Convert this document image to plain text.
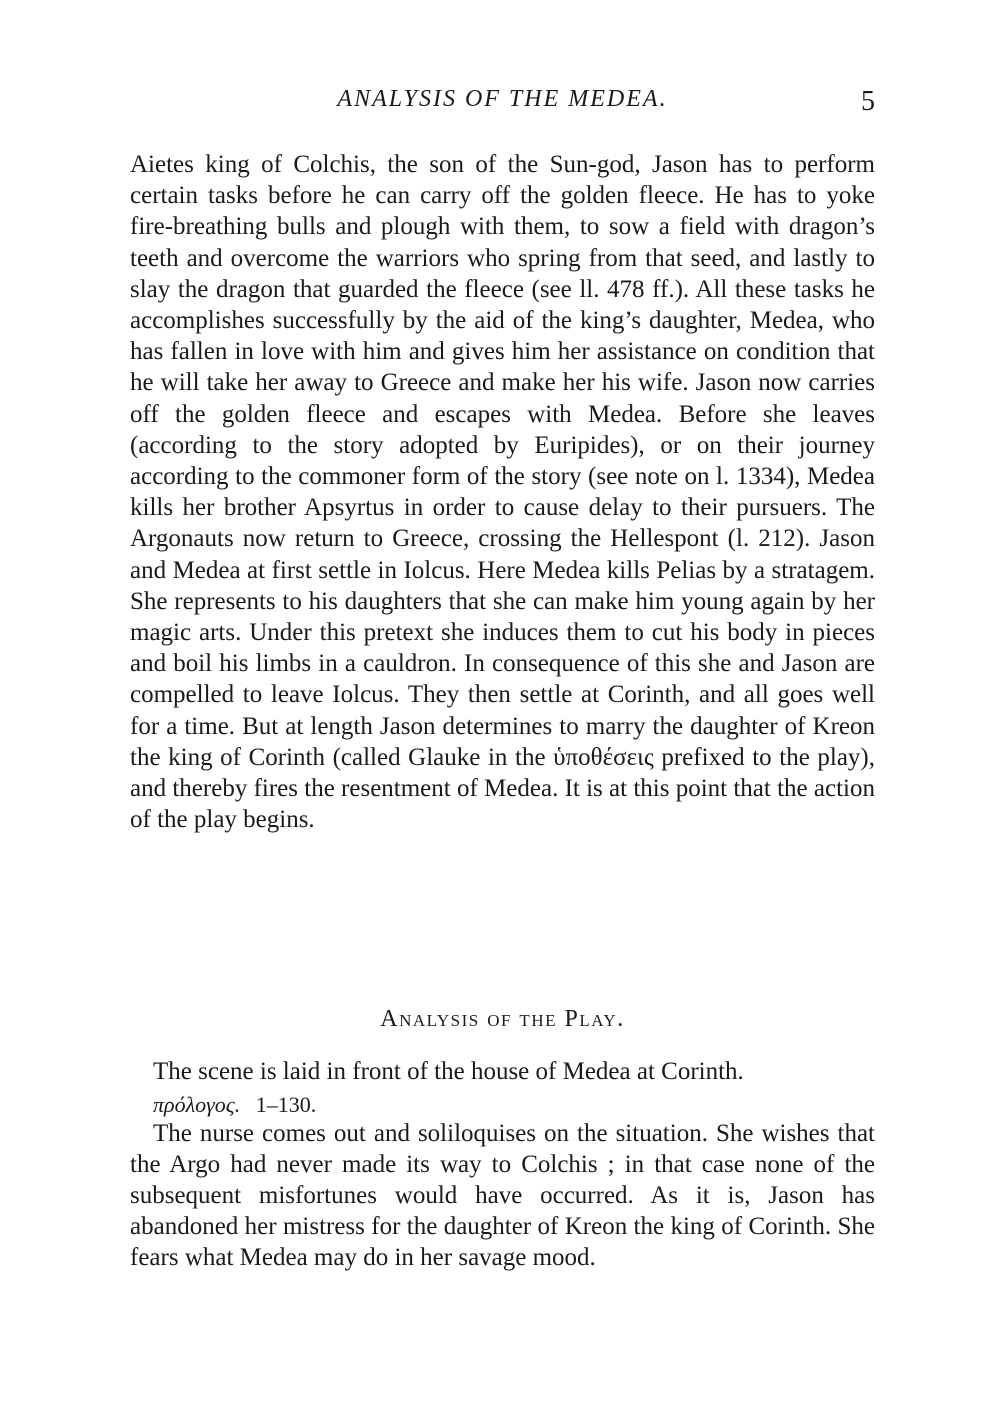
ANALYSIS OF THE MEDEA.	5

Aietes king of Colchis, the son of the Sun-god, Jason has to perform certain tasks before he can carry off the golden fleece. He has to yoke fire-breathing bulls and plough with them, to sow a field with dragon’s teeth and overcome the warriors who spring from that seed, and lastly to slay the dragon that guarded the fleece (see ll. 478 ff.). All these tasks he accomplishes successfully by the aid of the king’s daughter, Medea, who has fallen in love with him and gives him her assistance on condition that he will take her away to Greece and make her his wife. Jason now carries off the golden fleece and escapes with Medea. Before she leaves (according to the story adopted by Euripides), or on their journey according to the commoner form of the story (see note on l. 1334), Medea kills her brother Apsyrtus in order to cause delay to their pursuers. The Argonauts now return to Greece, crossing the Hellespont (l. 212). Jason and Medea at first settle in Iolcus. Here Medea kills Pelias by a stratagem. She represents to his daughters that she can make him young again by her magic arts. Under this pretext she induces them to cut his body in pieces and boil his limbs in a cauldron. In consequence of this she and Jason are compelled to leave Iolcus. They then settle at Corinth, and all goes well for a time. But at length Jason determines to marry the daughter of Kreon the king of Corinth (called Glauke in the ὑποθέσεις prefixed to the play), and thereby fires the resentment of Medea. It is at this point that the action of the play begins.

Analysis of the Play.
The scene is laid in front of the house of Medea at Corinth.
πρόλογος. 1–130.

The nurse comes out and soliloquises on the situation. She wishes that the Argo had never made its way to Colchis ; in that case none of the subsequent misfortunes would have occurred. As it is, Jason has abandoned her mistress for the daughter of Kreon the king of Corinth. She fears what Medea may do in her savage mood.
